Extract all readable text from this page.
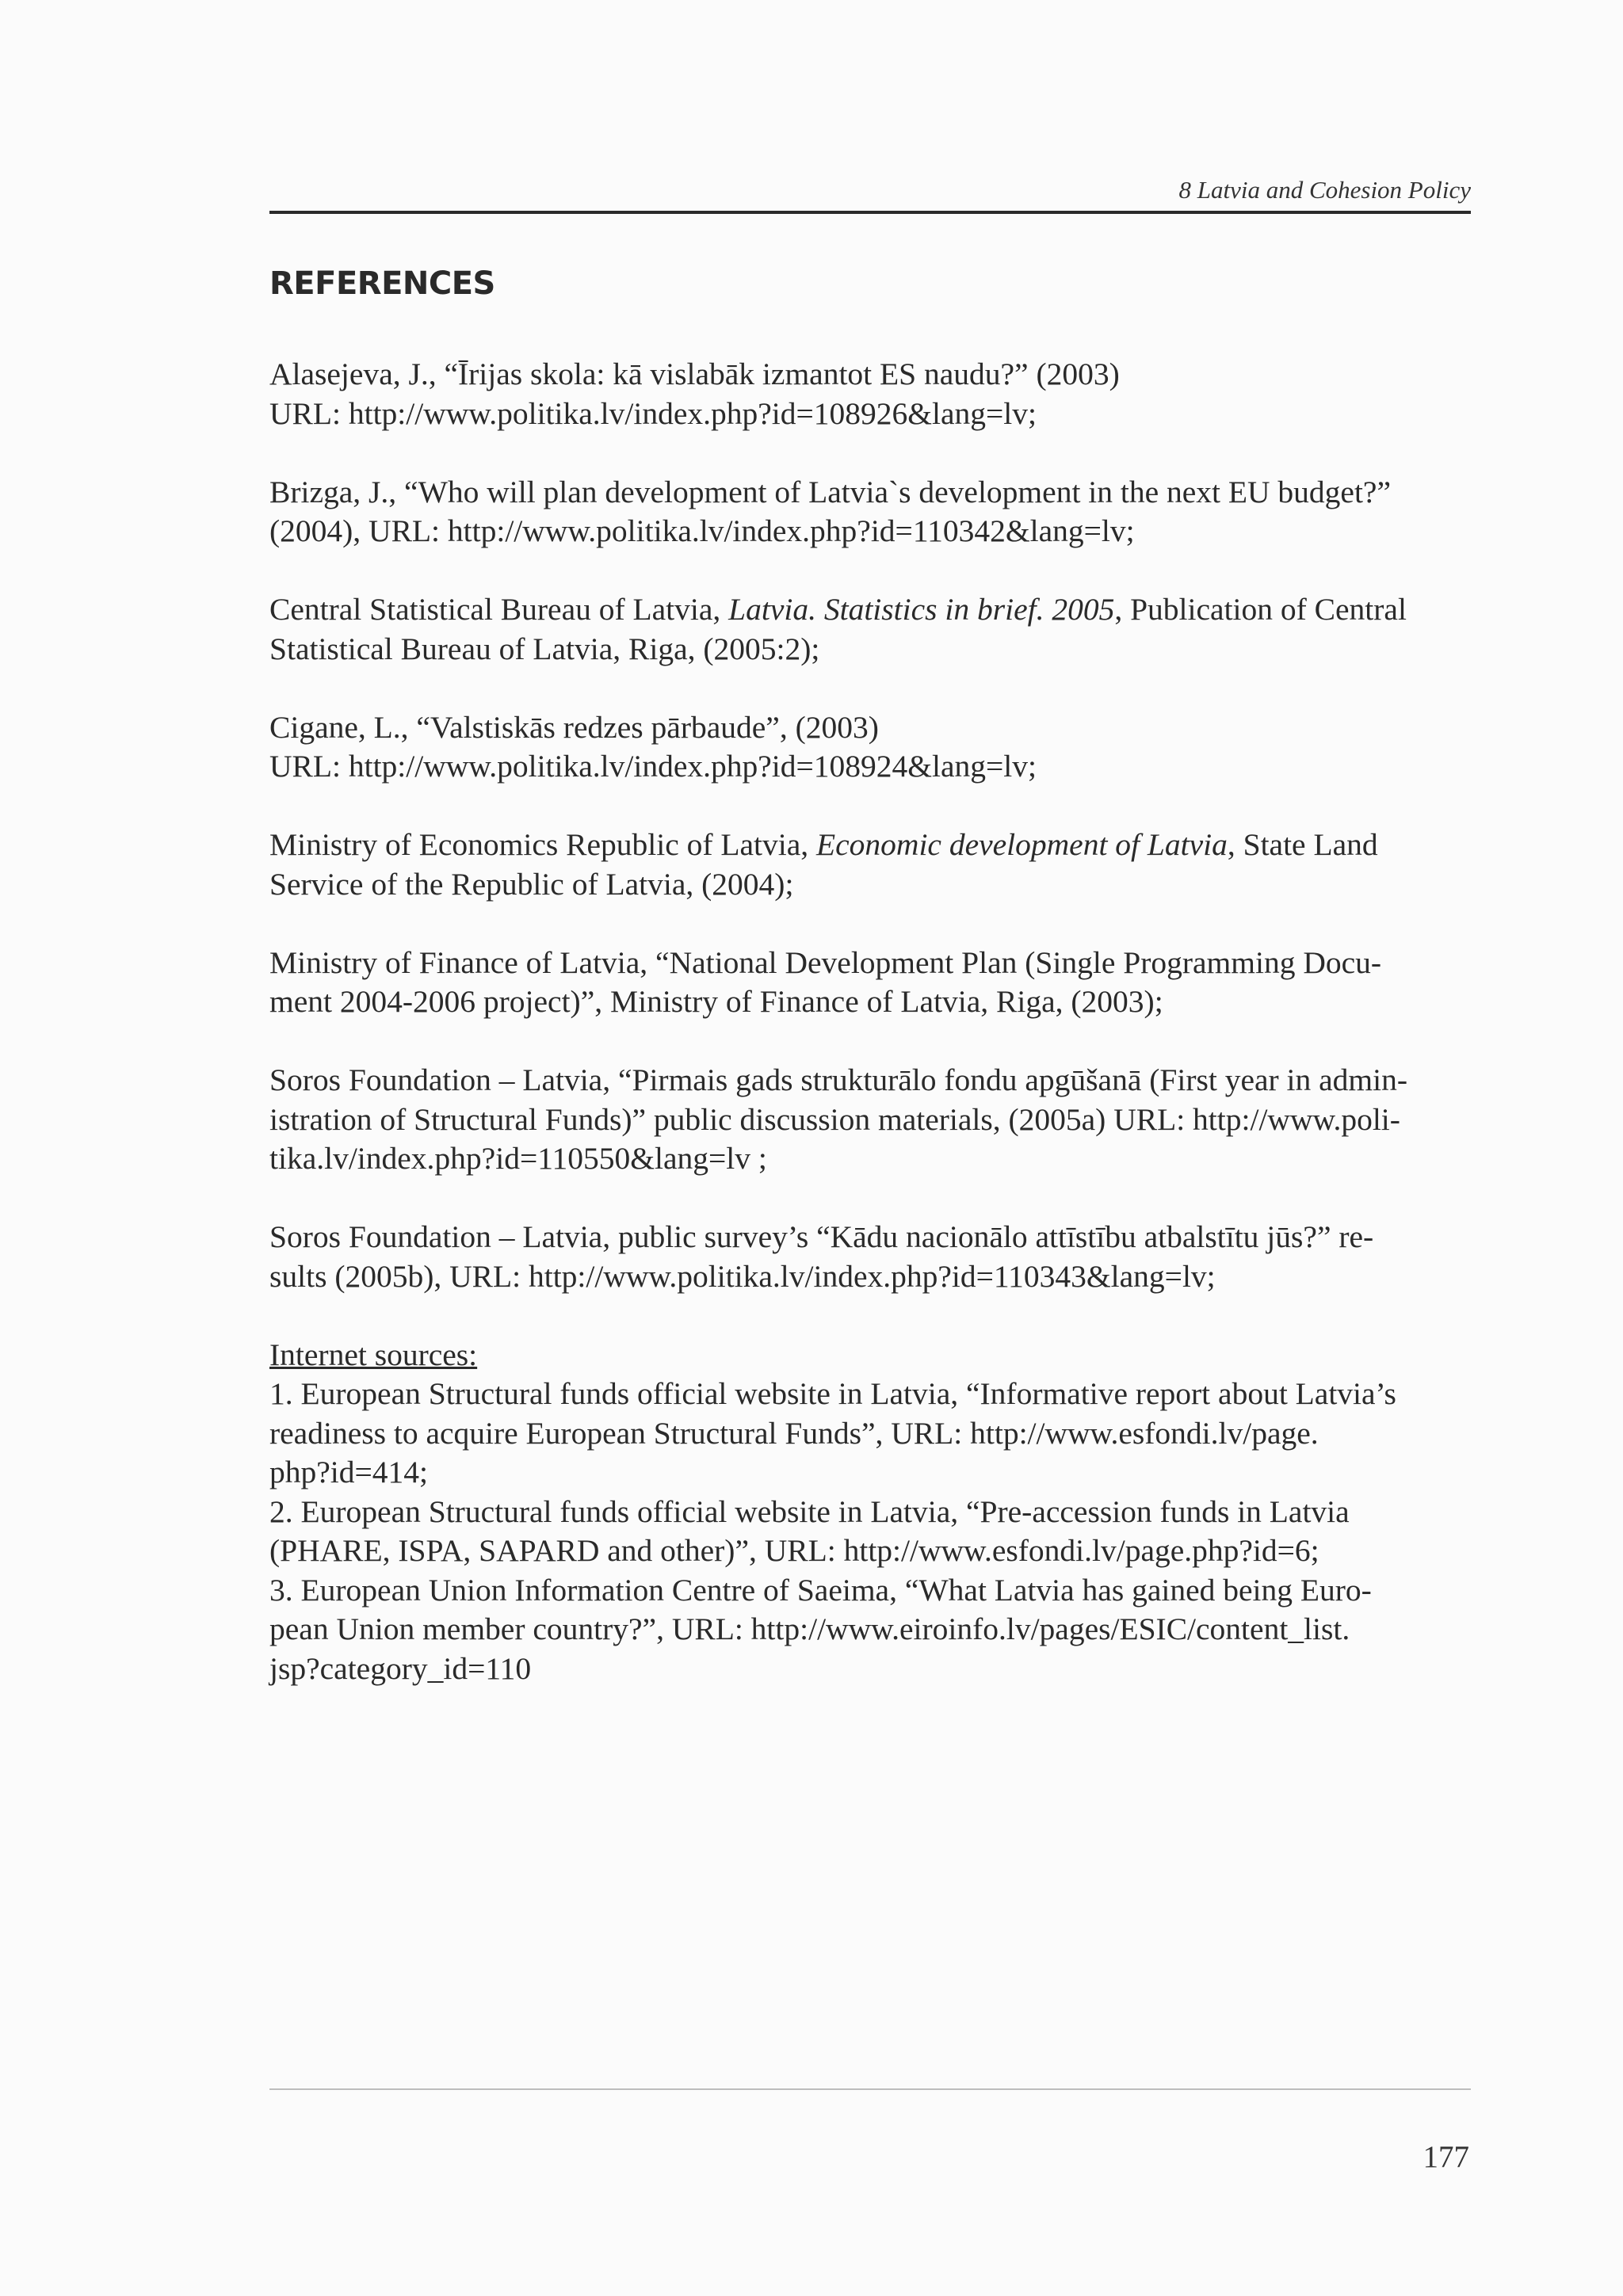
8 Latvia and Cohesion Policy
REFERENCES

Alasejeva, J., “Īrijas skola: kā vislabāk izmantot ES naudu?” (2003)
URL: http://www.politika.lv/index.php?id=108926&lang=lv;

Brizga, J., “Who will plan development of Latvia`s development in the next EU budget?”
(2004), URL: http://www.politika.lv/index.php?id=110342&lang=lv;

Central Statistical Bureau of Latvia, Latvia. Statistics in brief. 2005, Publication of Central
Statistical Bureau of Latvia, Riga, (2005:2);

Cigane, L., “Valstiskās redzes pārbaude”, (2003)
URL: http://www.politika.lv/index.php?id=108924&lang=lv;

Ministry of Economics Republic of Latvia, Economic development of Latvia, State Land
Service of the Republic of Latvia, (2004);

Ministry of Finance of Latvia, “National Development Plan (Single Programming Docu-
ment 2004-2006 project)”, Ministry of Finance of Latvia, Riga, (2003);

Soros Foundation – Latvia, “Pirmais gads strukturālo fondu apgūšanā (First year in admin-
istration of Structural Funds)” public discussion materials, (2005a) URL: http://www.poli-
tika.lv/index.php?id=110550&lang=lv ;

Soros Foundation – Latvia, public survey’s “Kādu nacionālo attīstību atbalstītu jūs?” re-
sults (2005b), URL: http://www.politika.lv/index.php?id=110343&lang=lv;

Internet sources:
1. European Structural funds official website in Latvia, “Informative report about Latvia’s
readiness to acquire European Structural Funds”, URL: http://www.esfondi.lv/page.
php?id=414;
2. European Structural funds official website in Latvia, “Pre-accession funds in Latvia
(PHARE, ISPA, SAPARD and other)”, URL: http://www.esfondi.lv/page.php?id=6;
3. European Union Information Centre of Saeima, “What Latvia has gained being Euro-
pean Union member country?”, URL: http://www.eiroinfo.lv/pages/ESIC/content_list.
jsp?category_id=110
177
